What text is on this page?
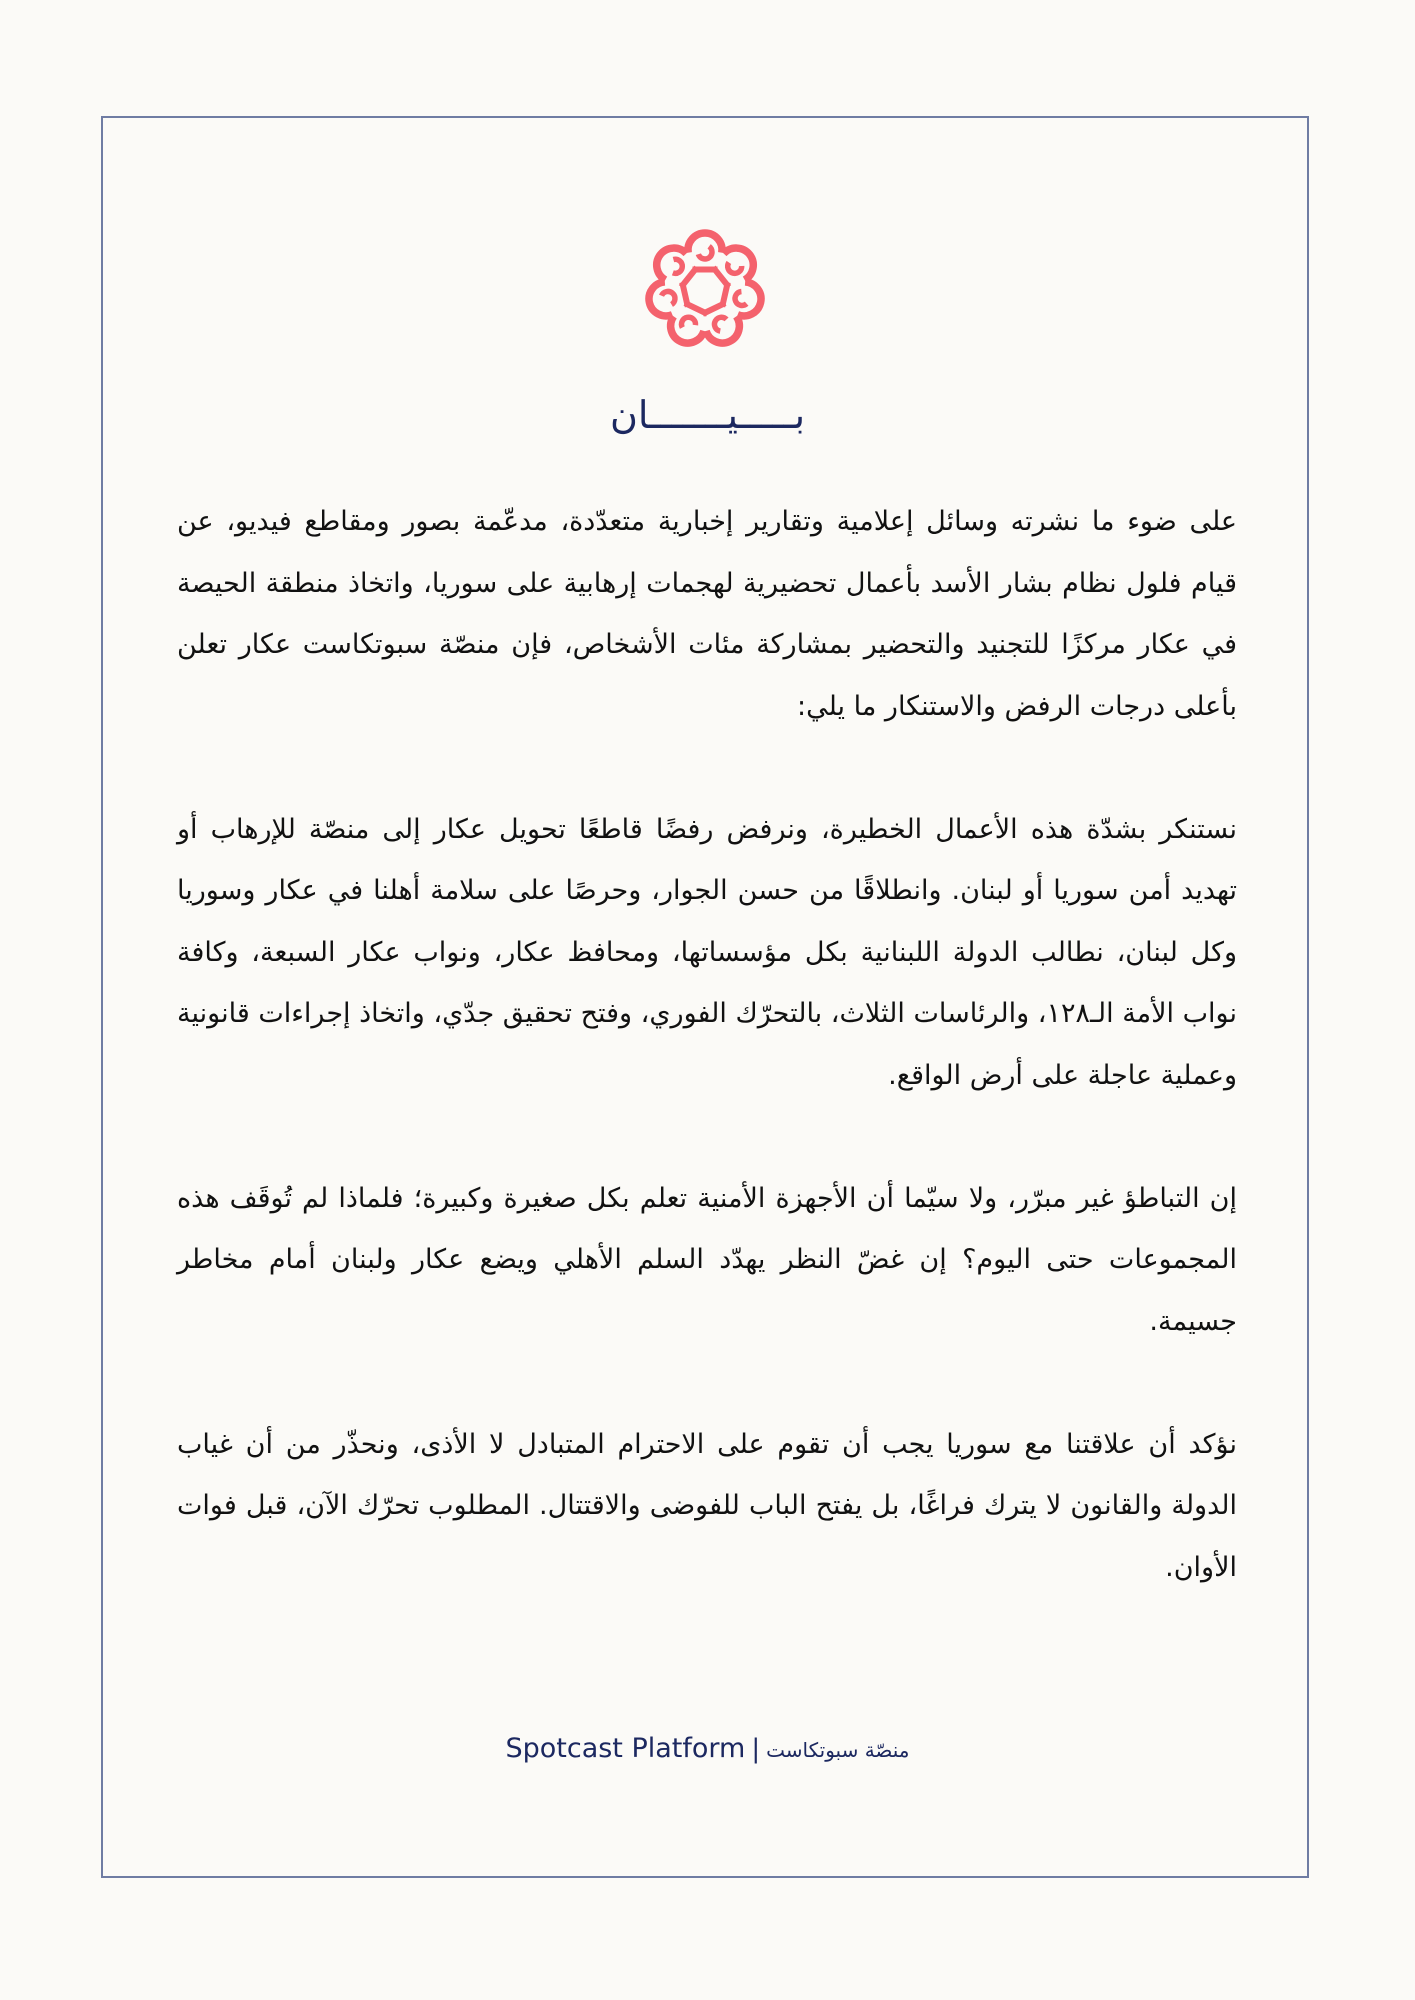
بـــــيـــــــان

على ضوء ما نشرته وسائل إعلامية وتقارير إخبارية متعدّدة، مدعّمة بصور ومقاطع فيديو، عن قيام فلول نظام بشار الأسد بأعمال تحضيرية لهجمات إرهابية على سوريا، واتخاذ منطقة الحيصة في عكار مركزًا للتجنيد والتحضير بمشاركة مئات الأشخاص، فإن منصّة سبوتكاست عكار تعلن بأعلى درجات الرفض والاستنكار ما يلي:

نستنكر بشدّة هذه الأعمال الخطيرة، ونرفض رفضًا قاطعًا تحويل عكار إلى منصّة للإرهاب أو تهديد أمن سوريا أو لبنان. وانطلاقًا من حسن الجوار، وحرصًا على سلامة أهلنا في عكار وسوريا وكل لبنان، نطالب الدولة اللبنانية بكل مؤسساتها، ومحافظ عكار، ونواب عكار السبعة، وكافة نواب الأمة الـ١٢٨، والرئاسات الثلاث، بالتحرّك الفوري، وفتح تحقيق جدّي، واتخاذ إجراءات قانونية وعملية عاجلة على أرض الواقع.

إن التباطؤ غير مبرّر، ولا سيّما أن الأجهزة الأمنية تعلم بكل صغيرة وكبيرة؛ فلماذا لم تُوقَف هذه المجموعات حتى اليوم؟ إن غضّ النظر يهدّد السلم الأهلي ويضع عكار ولبنان أمام مخاطر جسيمة.

نؤكد أن علاقتنا مع سوريا يجب أن تقوم على الاحترام المتبادل لا الأذى، ونحذّر من أن غياب الدولة والقانون لا يترك فراغًا، بل يفتح الباب للفوضى والاقتتال. المطلوب تحرّك الآن، قبل فوات الأوان.

Spotcast Platform | منصّة سبوتكاست
